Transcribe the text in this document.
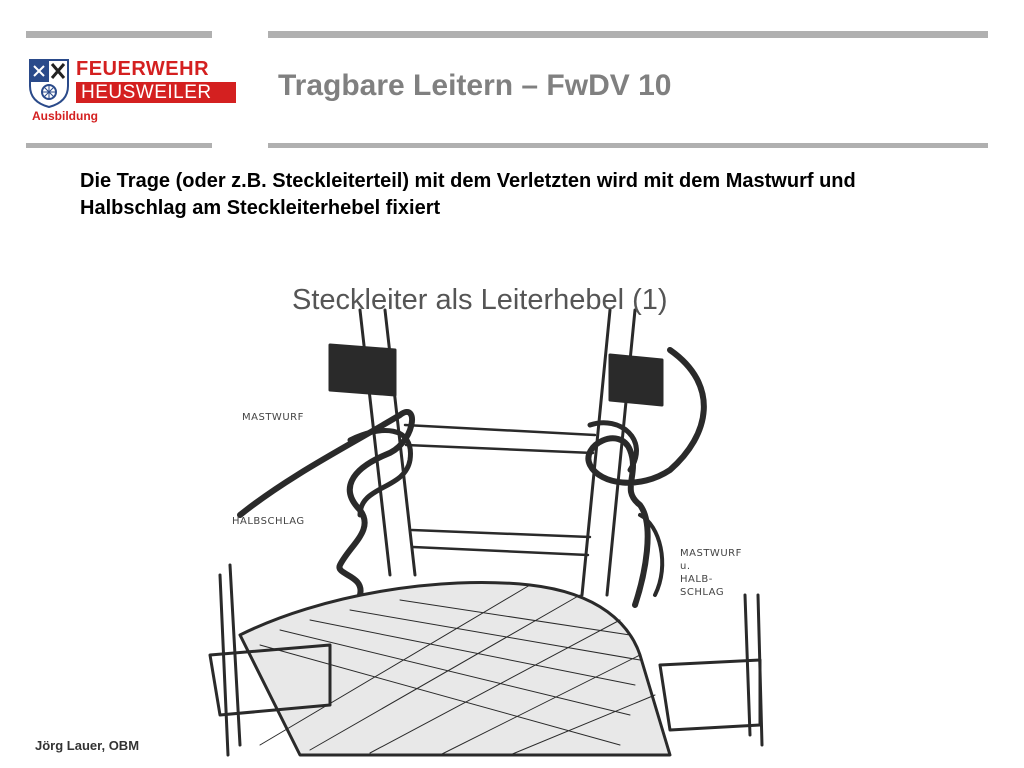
FEUERWEHR
HEUSWEILER
Ausbildung
Tragbare Leitern – FwDV 10
Die Trage (oder z.B. Steckleiterteil) mit dem Verletzten wird mit dem Mastwurf und Halbschlag am Steckleiterhebel fixiert
Steckleiter als Leiterhebel (1)
MASTWURF
HALBSCHLAG
MASTWURF
u.
HALB-
SCHLAG
Jörg Lauer, OBM
